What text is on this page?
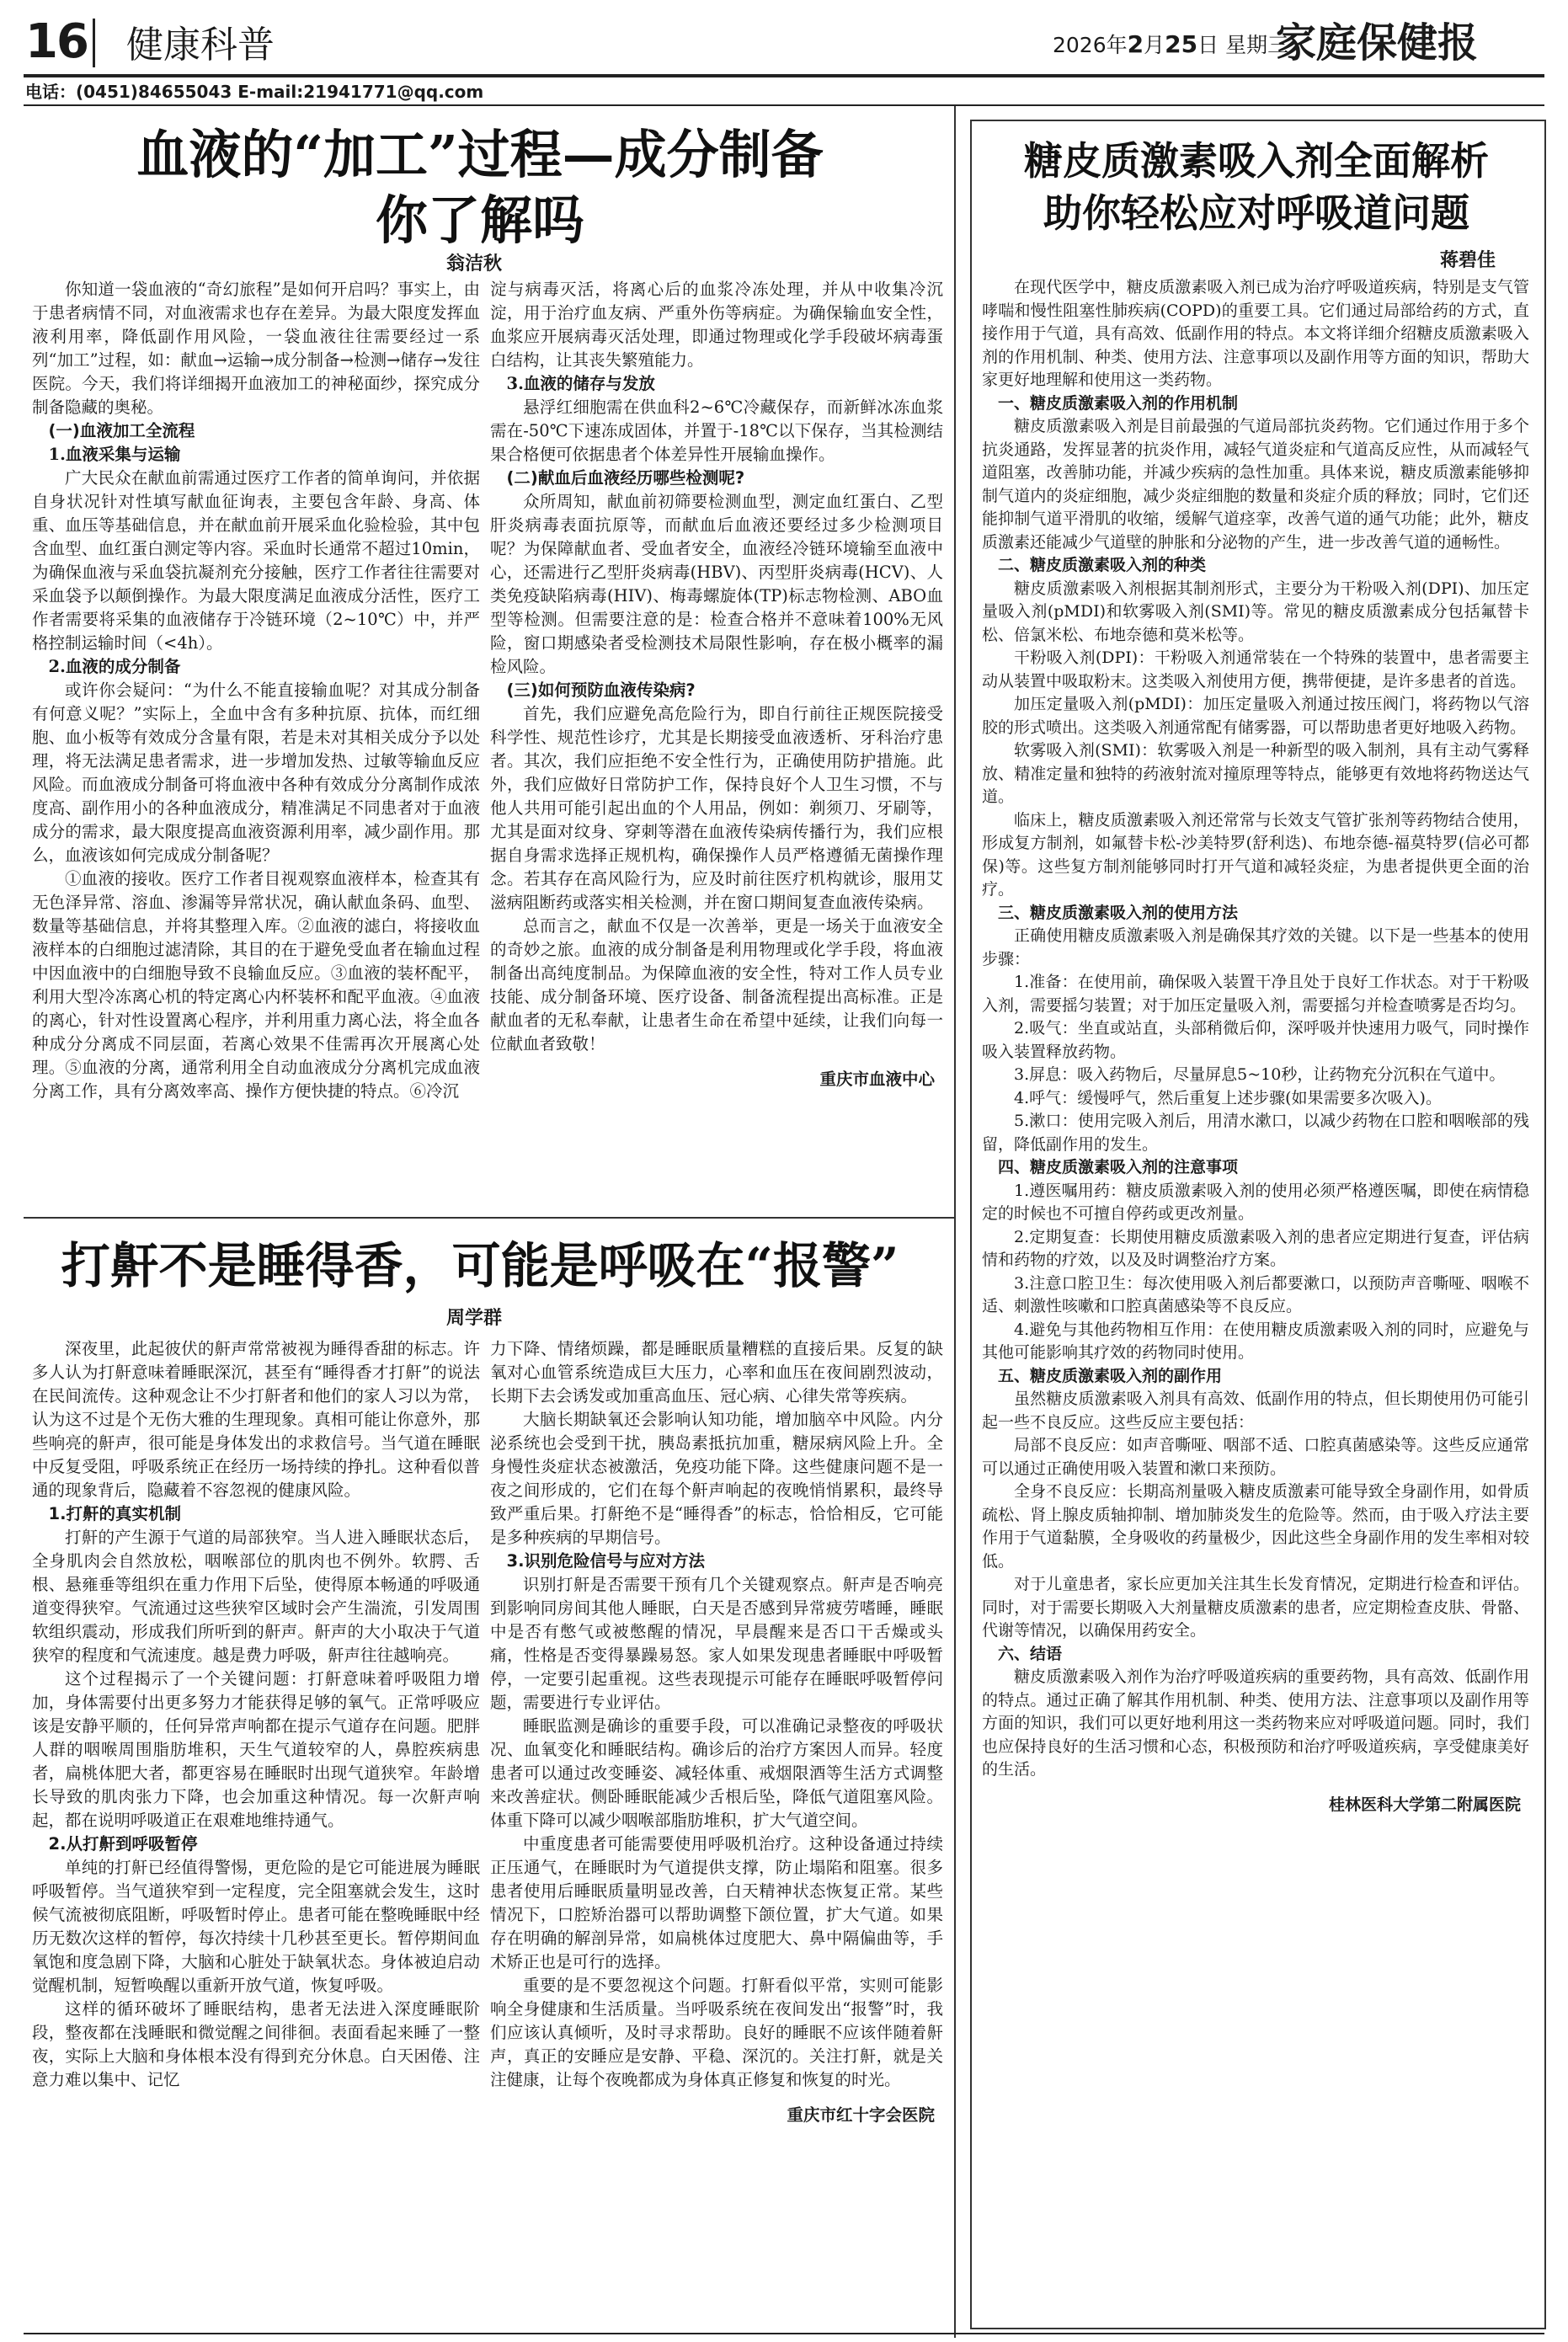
16 健康科普	2026年2月25日 星期三
家庭保健报
电话：(0451)84655043 E-mail:21941771@qq.com
血液的“加工”过程—成分制备
你了解吗
翁洁秋

你知道一袋血液的“奇幻旅程”是如何开启吗？事实上，由于患者病情不同，对血液需求也存在差异。为最大限度发挥血液利用率，降低副作用风险，一袋血液往往需要经过一系列“加工”过程，如：献血→运输→成分制备→检测→储存→发往医院。今天，我们将详细揭开血液加工的神秘面纱，探究成分制备隐藏的奥秘。

(一)血液加工全流程

1.血液采集与运输

广大民众在献血前需通过医疗工作者的简单询问，并依据自身状况针对性填写献血征询表，主要包含年龄、身高、体重、血压等基础信息，并在献血前开展采血化验检验，其中包含血型、血红蛋白测定等内容。采血时长通常不超过10min，为确保血液与采血袋抗凝剂充分接触，医疗工作者往往需要对采血袋予以颠倒操作。为最大限度满足血液成分活性，医疗工作者需要将采集的血液储存于冷链环境（2~10℃）中，并严格控制运输时间（<4h）。

2.血液的成分制备

或许你会疑问：“为什么不能直接输血呢？对其成分制备有何意义呢？”实际上，全血中含有多种抗原、抗体，而红细胞、血小板等有效成分含量有限，若是未对其相关成分予以处理，将无法满足患者需求，进一步增加发热、过敏等输血反应风险。而血液成分制备可将血液中各种有效成分分离制作成浓度高、副作用小的各种血液成分，精准满足不同患者对于血液成分的需求，最大限度提高血液资源利用率，减少副作用。那么，血液该如何完成成分制备呢？

①血液的接收。医疗工作者目视观察血液样本，检查其有无色泽异常、溶血、渗漏等异常状况，确认献血条码、血型、数量等基础信息，并将其整理入库。②血液的滤白，将接收血液样本的白细胞过滤清除，其目的在于避免受血者在输血过程中因血液中的白细胞导致不良输血反应。③血液的装杯配平，利用大型冷冻离心机的特定离心内杯装杯和配平血液。④血液的离心，针对性设置离心程序，并利用重力离心法，将全血各种成分分离成不同层面，若离心效果不佳需再次开展离心处理。⑤血液的分离，通常利用全自动血液成分分离机完成血液分离工作，具有分离效率高、操作方便快捷的特点。⑥冷沉

淀与病毒灭活，将离心后的血浆冷冻处理，并从中收集冷沉淀，用于治疗血友病、严重外伤等病症。为确保输血安全性，血浆应开展病毒灭活处理，即通过物理或化学手段破坏病毒蛋白结构，让其丧失繁殖能力。

3.血液的储存与发放

悬浮红细胞需在供血科2~6℃冷藏保存，而新鲜冰冻血浆需在-50℃下速冻成固体，并置于-18℃以下保存，当其检测结果合格便可依据患者个体差异性开展输血操作。

(二)献血后血液经历哪些检测呢?

众所周知，献血前初筛要检测血型，测定血红蛋白、乙型肝炎病毒表面抗原等，而献血后血液还要经过多少检测项目呢？为保障献血者、受血者安全，血液经冷链环境输至血液中心，还需进行乙型肝炎病毒(HBV)、丙型肝炎病毒(HCV)、人类免疫缺陷病毒(HIV)、梅毒螺旋体(TP)标志物检测、ABO血型等检测。但需要注意的是：检查合格并不意味着100%无风险，窗口期感染者受检测技术局限性影响，存在极小概率的漏检风险。

(三)如何预防血液传染病?

首先，我们应避免高危险行为，即自行前往正规医院接受科学性、规范性诊疗，尤其是长期接受血液透析、牙科治疗患者。其次，我们应拒绝不安全性行为，正确使用防护措施。此外，我们应做好日常防护工作，保持良好个人卫生习惯，不与他人共用可能引起出血的个人用品，例如：剃须刀、牙刷等，尤其是面对纹身、穿刺等潜在血液传染病传播行为，我们应根据自身需求选择正规机构，确保操作人员严格遵循无菌操作理念。若其存在高风险行为，应及时前往医疗机构就诊，服用艾滋病阻断药或落实相关检测，并在窗口期间复查血液传染病。

总而言之，献血不仅是一次善举，更是一场关于血液安全的奇妙之旅。血液的成分制备是利用物理或化学手段，将血液制备出高纯度制品。为保障血液的安全性，特对工作人员专业技能、成分制备环境、医疗设备、制备流程提出高标准。正是献血者的无私奉献，让患者生命在希望中延续，让我们向每一位献血者致敬！

重庆市血液中心

打鼾不是睡得香，可能是呼吸在“报警”
周学群

深夜里，此起彼伏的鼾声常常被视为睡得香甜的标志。许多人认为打鼾意味着睡眠深沉，甚至有“睡得香才打鼾”的说法在民间流传。这种观念让不少打鼾者和他们的家人习以为常，认为这不过是个无伤大雅的生理现象。真相可能让你意外，那些响亮的鼾声，很可能是身体发出的求救信号。当气道在睡眠中反复受阻，呼吸系统正在经历一场持续的挣扎。这种看似普通的现象背后，隐藏着不容忽视的健康风险。

1.打鼾的真实机制

打鼾的产生源于气道的局部狭窄。当人进入睡眠状态后，全身肌肉会自然放松，咽喉部位的肌肉也不例外。软腭、舌根、悬雍垂等组织在重力作用下后坠，使得原本畅通的呼吸通道变得狭窄。气流通过这些狭窄区域时会产生湍流，引发周围软组织震动，形成我们所听到的鼾声。鼾声的大小取决于气道狭窄的程度和气流速度。越是费力呼吸，鼾声往往越响亮。

这个过程揭示了一个关键问题：打鼾意味着呼吸阻力增加，身体需要付出更多努力才能获得足够的氧气。正常呼吸应该是安静平顺的，任何异常声响都在提示气道存在问题。肥胖人群的咽喉周围脂肪堆积，天生气道较窄的人，鼻腔疾病患者，扁桃体肥大者，都更容易在睡眠时出现气道狭窄。年龄增长导致的肌肉张力下降，也会加重这种情况。每一次鼾声响起，都在说明呼吸道正在艰难地维持通气。

2.从打鼾到呼吸暂停

单纯的打鼾已经值得警惕，更危险的是它可能进展为睡眠呼吸暂停。当气道狭窄到一定程度，完全阻塞就会发生，这时候气流被彻底阻断，呼吸暂时停止。患者可能在整晚睡眠中经历无数次这样的暂停，每次持续十几秒甚至更长。暂停期间血氧饱和度急剧下降，大脑和心脏处于缺氧状态。身体被迫启动觉醒机制，短暂唤醒以重新开放气道，恢复呼吸。

这样的循环破坏了睡眠结构，患者无法进入深度睡眠阶段，整夜都在浅睡眠和微觉醒之间徘徊。表面看起来睡了一整夜，实际上大脑和身体根本没有得到充分休息。白天困倦、注意力难以集中、记忆

力下降、情绪烦躁，都是睡眠质量糟糕的直接后果。反复的缺氧对心血管系统造成巨大压力，心率和血压在夜间剧烈波动，长期下去会诱发或加重高血压、冠心病、心律失常等疾病。

大脑长期缺氧还会影响认知功能，增加脑卒中风险。内分泌系统也会受到干扰，胰岛素抵抗加重，糖尿病风险上升。全身慢性炎症状态被激活，免疫功能下降。这些健康问题不是一夜之间形成的，它们在每个鼾声响起的夜晚悄悄累积，最终导致严重后果。打鼾绝不是“睡得香”的标志，恰恰相反，它可能是多种疾病的早期信号。

3.识别危险信号与应对方法

识别打鼾是否需要干预有几个关键观察点。鼾声是否响亮到影响同房间其他人睡眠，白天是否感到异常疲劳嗜睡，睡眠中是否有憋气或被憋醒的情况，早晨醒来是否口干舌燥或头痛，性格是否变得暴躁易怒。家人如果发现患者睡眠中呼吸暂停，一定要引起重视。这些表现提示可能存在睡眠呼吸暂停问题，需要进行专业评估。

睡眠监测是确诊的重要手段，可以准确记录整夜的呼吸状况、血氧变化和睡眠结构。确诊后的治疗方案因人而异。轻度患者可以通过改变睡姿、减轻体重、戒烟限酒等生活方式调整来改善症状。侧卧睡眠能减少舌根后坠，降低气道阻塞风险。体重下降可以减少咽喉部脂肪堆积，扩大气道空间。

中重度患者可能需要使用呼吸机治疗。这种设备通过持续正压通气，在睡眠时为气道提供支撑，防止塌陷和阻塞。很多患者使用后睡眠质量明显改善，白天精神状态恢复正常。某些情况下，口腔矫治器可以帮助调整下颌位置，扩大气道。如果存在明确的解剖异常，如扁桃体过度肥大、鼻中隔偏曲等，手术矫正也是可行的选择。

重要的是不要忽视这个问题。打鼾看似平常，实则可能影响全身健康和生活质量。当呼吸系统在夜间发出“报警”时，我们应该认真倾听，及时寻求帮助。良好的睡眠不应该伴随着鼾声，真正的安睡应是安静、平稳、深沉的。关注打鼾，就是关注健康，让每个夜晚都成为身体真正修复和恢复的时光。

重庆市红十字会医院

糖皮质激素吸入剂全面解析
助你轻松应对呼吸道问题
蒋碧佳

在现代医学中，糖皮质激素吸入剂已成为治疗呼吸道疾病，特别是支气管哮喘和慢性阻塞性肺疾病(COPD)的重要工具。它们通过局部给药的方式，直接作用于气道，具有高效、低副作用的特点。本文将详细介绍糖皮质激素吸入剂的作用机制、种类、使用方法、注意事项以及副作用等方面的知识，帮助大家更好地理解和使用这一类药物。

一、糖皮质激素吸入剂的作用机制

糖皮质激素吸入剂是目前最强的气道局部抗炎药物。它们通过作用于多个抗炎通路，发挥显著的抗炎作用，减轻气道炎症和气道高反应性，从而减轻气道阻塞，改善肺功能，并减少疾病的急性加重。具体来说，糖皮质激素能够抑制气道内的炎症细胞，减少炎症细胞的数量和炎症介质的释放；同时，它们还能抑制气道平滑肌的收缩，缓解气道痉挛，改善气道的通气功能；此外，糖皮质激素还能减少气道壁的肿胀和分泌物的产生，进一步改善气道的通畅性。

二、糖皮质激素吸入剂的种类

糖皮质激素吸入剂根据其制剂形式，主要分为干粉吸入剂(DPI)、加压定量吸入剂(pMDI)和软雾吸入剂(SMI)等。常见的糖皮质激素成分包括氟替卡松、倍氯米松、布地奈德和莫米松等。

干粉吸入剂(DPI)：干粉吸入剂通常装在一个特殊的装置中，患者需要主动从装置中吸取粉末。这类吸入剂使用方便，携带便捷，是许多患者的首选。

加压定量吸入剂(pMDI)：加压定量吸入剂通过按压阀门，将药物以气溶胶的形式喷出。这类吸入剂通常配有储雾器，可以帮助患者更好地吸入药物。

软雾吸入剂(SMI)：软雾吸入剂是一种新型的吸入制剂，具有主动气雾释放、精准定量和独特的药液射流对撞原理等特点，能够更有效地将药物送达气道。

临床上，糖皮质激素吸入剂还常常与长效支气管扩张剂等药物结合使用，形成复方制剂，如氟替卡松-沙美特罗(舒利迭)、布地奈德-福莫特罗(信必可都保)等。这些复方制剂能够同时打开气道和减轻炎症，为患者提供更全面的治疗。

三、糖皮质激素吸入剂的使用方法

正确使用糖皮质激素吸入剂是确保其疗效的关键。以下是一些基本的使用步骤：

1.准备：在使用前，确保吸入装置干净且处于良好工作状态。对于干粉吸入剂，需要摇匀装置；对于加压定量吸入剂，需要摇匀并检查喷雾是否均匀。

2.吸气：坐直或站直，头部稍微后仰，深呼吸并快速用力吸气，同时操作吸入装置释放药物。

3.屏息：吸入药物后，尽量屏息5~10秒，让药物充分沉积在气道中。

4.呼气：缓慢呼气，然后重复上述步骤(如果需要多次吸入)。

5.漱口：使用完吸入剂后，用清水漱口，以减少药物在口腔和咽喉部的残留，降低副作用的发生。

四、糖皮质激素吸入剂的注意事项

1.遵医嘱用药：糖皮质激素吸入剂的使用必须严格遵医嘱，即使在病情稳定的时候也不可擅自停药或更改剂量。

2.定期复查：长期使用糖皮质激素吸入剂的患者应定期进行复查，评估病情和药物的疗效，以及及时调整治疗方案。

3.注意口腔卫生：每次使用吸入剂后都要漱口，以预防声音嘶哑、咽喉不适、刺激性咳嗽和口腔真菌感染等不良反应。

4.避免与其他药物相互作用：在使用糖皮质激素吸入剂的同时，应避免与其他可能影响其疗效的药物同时使用。

五、糖皮质激素吸入剂的副作用

虽然糖皮质激素吸入剂具有高效、低副作用的特点，但长期使用仍可能引起一些不良反应。这些反应主要包括：

局部不良反应：如声音嘶哑、咽部不适、口腔真菌感染等。这些反应通常可以通过正确使用吸入装置和漱口来预防。

全身不良反应：长期高剂量吸入糖皮质激素可能导致全身副作用，如骨质疏松、肾上腺皮质轴抑制、增加肺炎发生的危险等。然而，由于吸入疗法主要作用于气道黏膜，全身吸收的药量极少，因此这些全身副作用的发生率相对较低。

对于儿童患者，家长应更加关注其生长发育情况，定期进行检查和评估。同时，对于需要长期吸入大剂量糖皮质激素的患者，应定期检查皮肤、骨骼、代谢等情况，以确保用药安全。

六、结语

糖皮质激素吸入剂作为治疗呼吸道疾病的重要药物，具有高效、低副作用的特点。通过正确了解其作用机制、种类、使用方法、注意事项以及副作用等方面的知识，我们可以更好地利用这一类药物来应对呼吸道问题。同时，我们也应保持良好的生活习惯和心态，积极预防和治疗呼吸道疾病，享受健康美好的生活。

桂林医科大学第二附属医院
